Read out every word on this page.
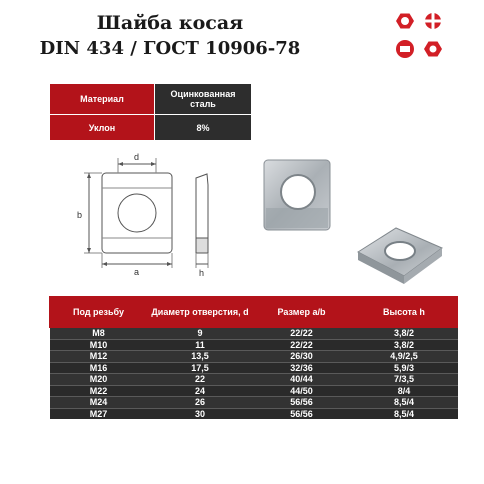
Шайба косая
DIN 434 / ГОСТ 10906-78
Материал	Оцинкованная сталь
Уклон	8%
d
b
a	h
Под резьбу	Диаметр отверстия, d	Размер a/b	Высота h
M8	9	22/22	3,8/2
M10	11	22/22	3,8/2
M12	13,5	26/30	4,9/2,5
M16	17,5	32/36	5,9/3
M20	22	40/44	7/3,5
M22	24	44/50	8/4
M24	26	56/56	8,5/4
M27	30	56/56	8,5/4
